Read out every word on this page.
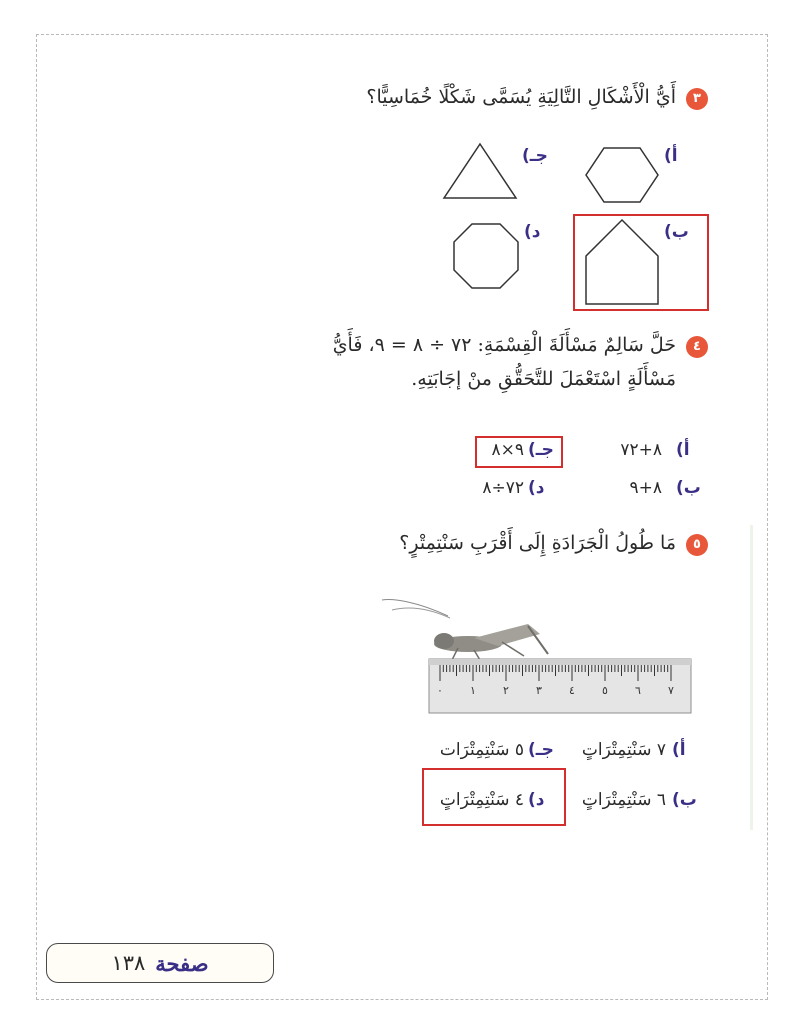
٣
أَيُّ الْأَشْكَالِ التَّالِيَةِ يُسَمَّى شَكْلًا خُمَاسِيًّا؟
أ)
جـ)
ب)
د)
٤
حَلَّ سَالِمٌ مَسْأَلَةَ الْقِسْمَةِ: ٧٢ ÷ ٨ = ٩، فَأَيُّ
مَسْأَلَةٍ اسْتَعْمَلَ للتَّحَقُّقِ منْ إجَابَتِهِ.
أ)
٨+٧٢
جـ)
٩×٨
ب)
٨+٩
د)
٧٢÷٨
٥
مَا طُولُ الْجَرَادَةِ إِلَى أَقْرَبِ سَنْتِمِتْرٍ؟
٠ ١ ٢ ٣ ٤ ٥ ٦ ٧
أ)
٧ سَنْتِمِتْرَاتٍ
جـ)
٥ سَنْتِمِتْرَات
ب)
٦ سَنْتِمِتْرَاتٍ
د)
٤ سَنْتِمِتْرَاتٍ
صفحة
١٣٨
